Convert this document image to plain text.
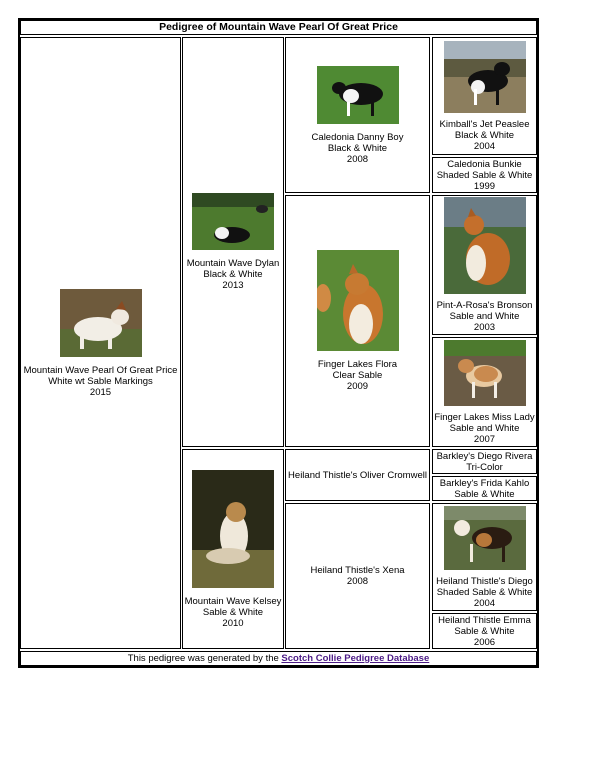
Pedigree of Mountain Wave Pearl Of Great Price
Mountain Wave Pearl Of Great Price
White wt Sable Markings
2015
Mountain Wave Dylan
Black & White
2013
Mountain Wave Kelsey
Sable & White
2010
Caledonia Danny Boy
Black & White
2008
Finger Lakes Flora
Clear Sable
2009
Heiland Thistle's Oliver Cromwell
Heiland Thistle's Xena
2008
Kimball's Jet Peaslee
Black & White
2004
Caledonia Bunkie
Shaded Sable & White
1999
Pint-A-Rosa's Bronson
Sable and White
2003
Finger Lakes Miss Lady
Sable and White
2007
Barkley's Diego Rivera
Tri-Color
Barkley's Frida Kahlo
Sable & White
Heiland Thistle's Diego
Shaded Sable & White
2004
Heiland Thistle Emma
Sable & White
2006
This pedigree was generated by the Scotch Collie Pedigree Database
